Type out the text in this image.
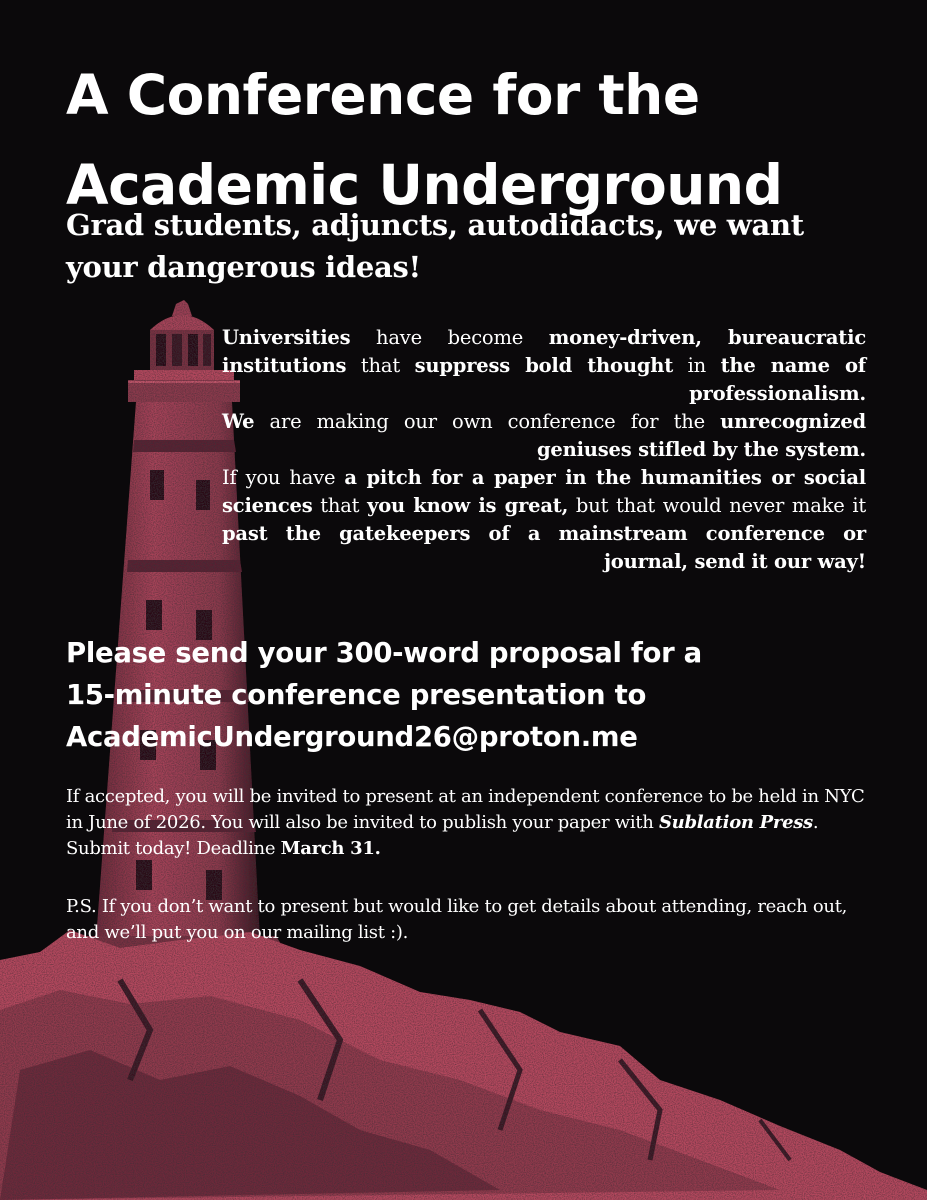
A Conference for the
Academic Underground
Grad students, adjuncts, autodidacts, we want your dangerous ideas!

Universities have become money-driven, bureaucratic institutions that suppress bold thought in the name of professionalism.

We are making our own conference for the unrecognized geniuses stifled by the system.

If you have a pitch for a paper in the humanities or social sciences that you know is great, but that would never make it past the gatekeepers of a mainstream conference or journal, send it our way!

Please send your 300-word proposal for a
15-minute conference presentation to
AcademicUnderground26@proton.me

If accepted, you will be invited to present at an independent conference to be held in NYC in June of 2026. You will also be invited to publish your paper with Sublation Press. Submit today! Deadline March 31.

P.S. If you don’t want to present but would like to get details about attending, reach out, and we’ll put you on our mailing list :).
